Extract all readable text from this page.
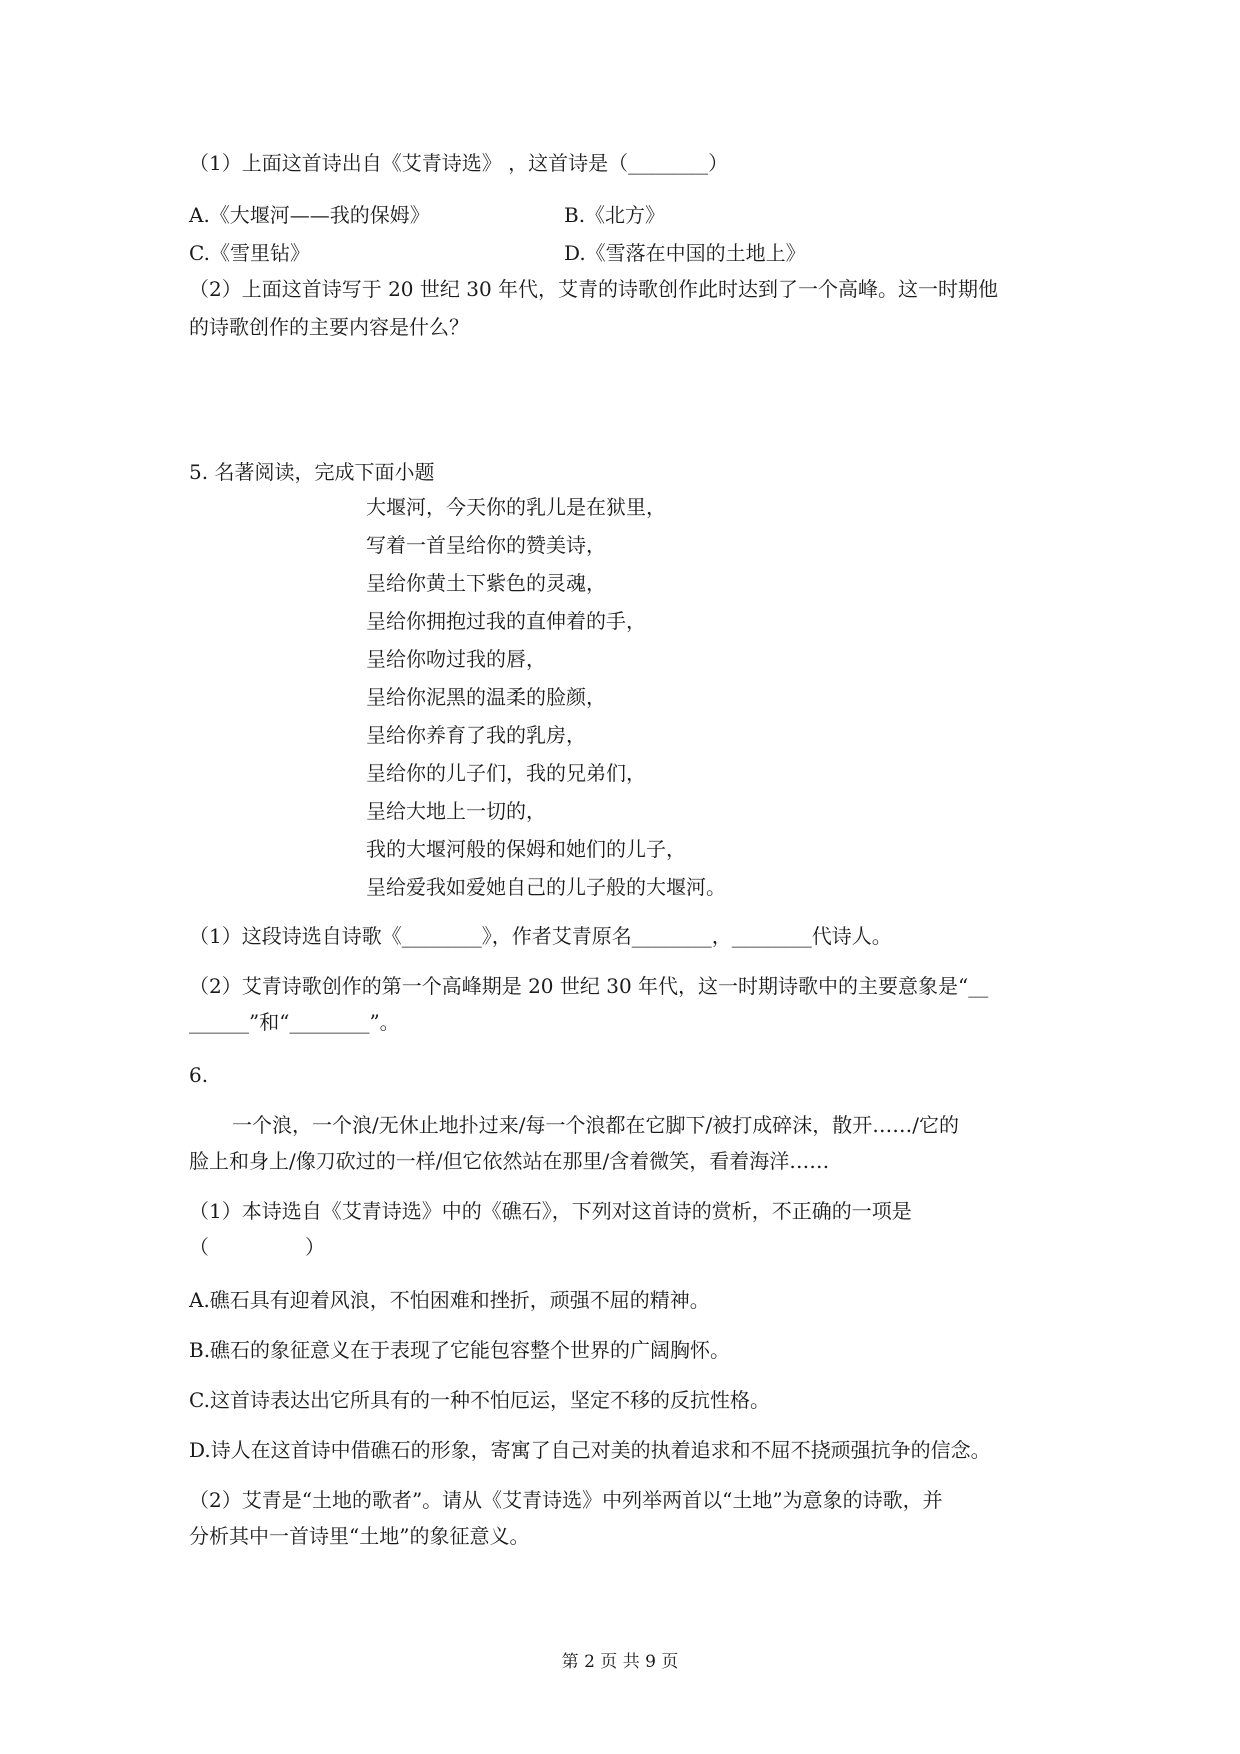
（1）上面这首诗出自《艾青诗选》 ，这首诗是（________）
A.《大堰河——我的保姆》	B.《北方》
C.《雪里钻》	D.《雪落在中国的土地上》
（2）上面这首诗写于 20 世纪 30 年代，艾青的诗歌创作此时达到了一个高峰。这一时期他
的诗歌创作的主要内容是什么？
5. 名著阅读，完成下面小题
大堰河，今天你的乳儿是在狱里，
写着一首呈给你的赞美诗，
呈给你黄土下紫色的灵魂，
呈给你拥抱过我的直伸着的手，
呈给你吻过我的唇，
呈给你泥黑的温柔的脸颜，
呈给你养育了我的乳房，
呈给你的儿子们，我的兄弟们，
呈给大地上一切的，
我的大堰河般的保姆和她们的儿子，
呈给爱我如爱她自己的儿子般的大堰河。
（1）这段诗选自诗歌《________》，作者艾青原名________，________代诗人。
（2）艾青诗歌创作的第一个高峰期是 20 世纪 30 年代，这一时期诗歌中的主要意象是“__
______”和“________”。
6.
一个浪，一个浪/无休止地扑过来/每一个浪都在它脚下/被打成碎沫，散开……/它的
脸上和身上/像刀砍过的一样/但它依然站在那里/含着微笑，看着海洋……
（1）本诗选自《艾青诗选》中的《礁石》，下列对这首诗的赏析，不正确的一项是
（	）
A.礁石具有迎着风浪，不怕困难和挫折，顽强不屈的精神。
B.礁石的象征意义在于表现了它能包容整个世界的广阔胸怀。
C.这首诗表达出它所具有的一种不怕厄运，坚定不移的反抗性格。
D.诗人在这首诗中借礁石的形象，寄寓了自己对美的执着追求和不屈不挠顽强抗争的信念。
（2）艾青是“土地的歌者”。请从《艾青诗选》中列举两首以“土地”为意象的诗歌，并
分析其中一首诗里“土地”的象征意义。
第 2 页 共 9 页
